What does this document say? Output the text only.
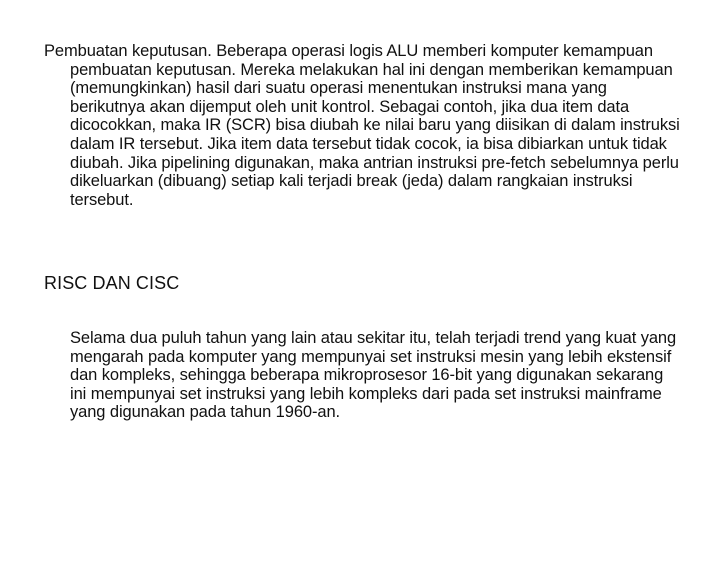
Pembuatan keputusan. Beberapa operasi logis ALU memberi komputer kemampuan pembuatan keputusan. Mereka melakukan hal ini dengan memberikan kemampuan (memungkinkan) hasil dari suatu operasi menentukan instruksi mana yang berikutnya akan dijemput oleh unit kontrol. Sebagai contoh, jika dua item data dicocokkan, maka IR (SCR) bisa diubah ke nilai baru yang diisikan di dalam instruksi dalam IR tersebut. Jika item data tersebut tidak cocok, ia bisa dibiarkan untuk tidak diubah. Jika pipelining digunakan, maka antrian instruksi pre-fetch sebelumnya perlu dikeluarkan (dibuang) setiap kali terjadi break (jeda) dalam rangkaian instruksi tersebut.

RISC DAN CISC

Selama dua puluh tahun yang lain atau sekitar itu, telah terjadi trend yang kuat yang mengarah pada komputer yang mempunyai set instruksi mesin yang lebih ekstensif dan kompleks, sehingga beberapa mikroprosesor 16-bit yang digunakan sekarang ini mempunyai set instruksi yang lebih kompleks dari pada set instruksi mainframe yang digunakan pada tahun 1960-an.
